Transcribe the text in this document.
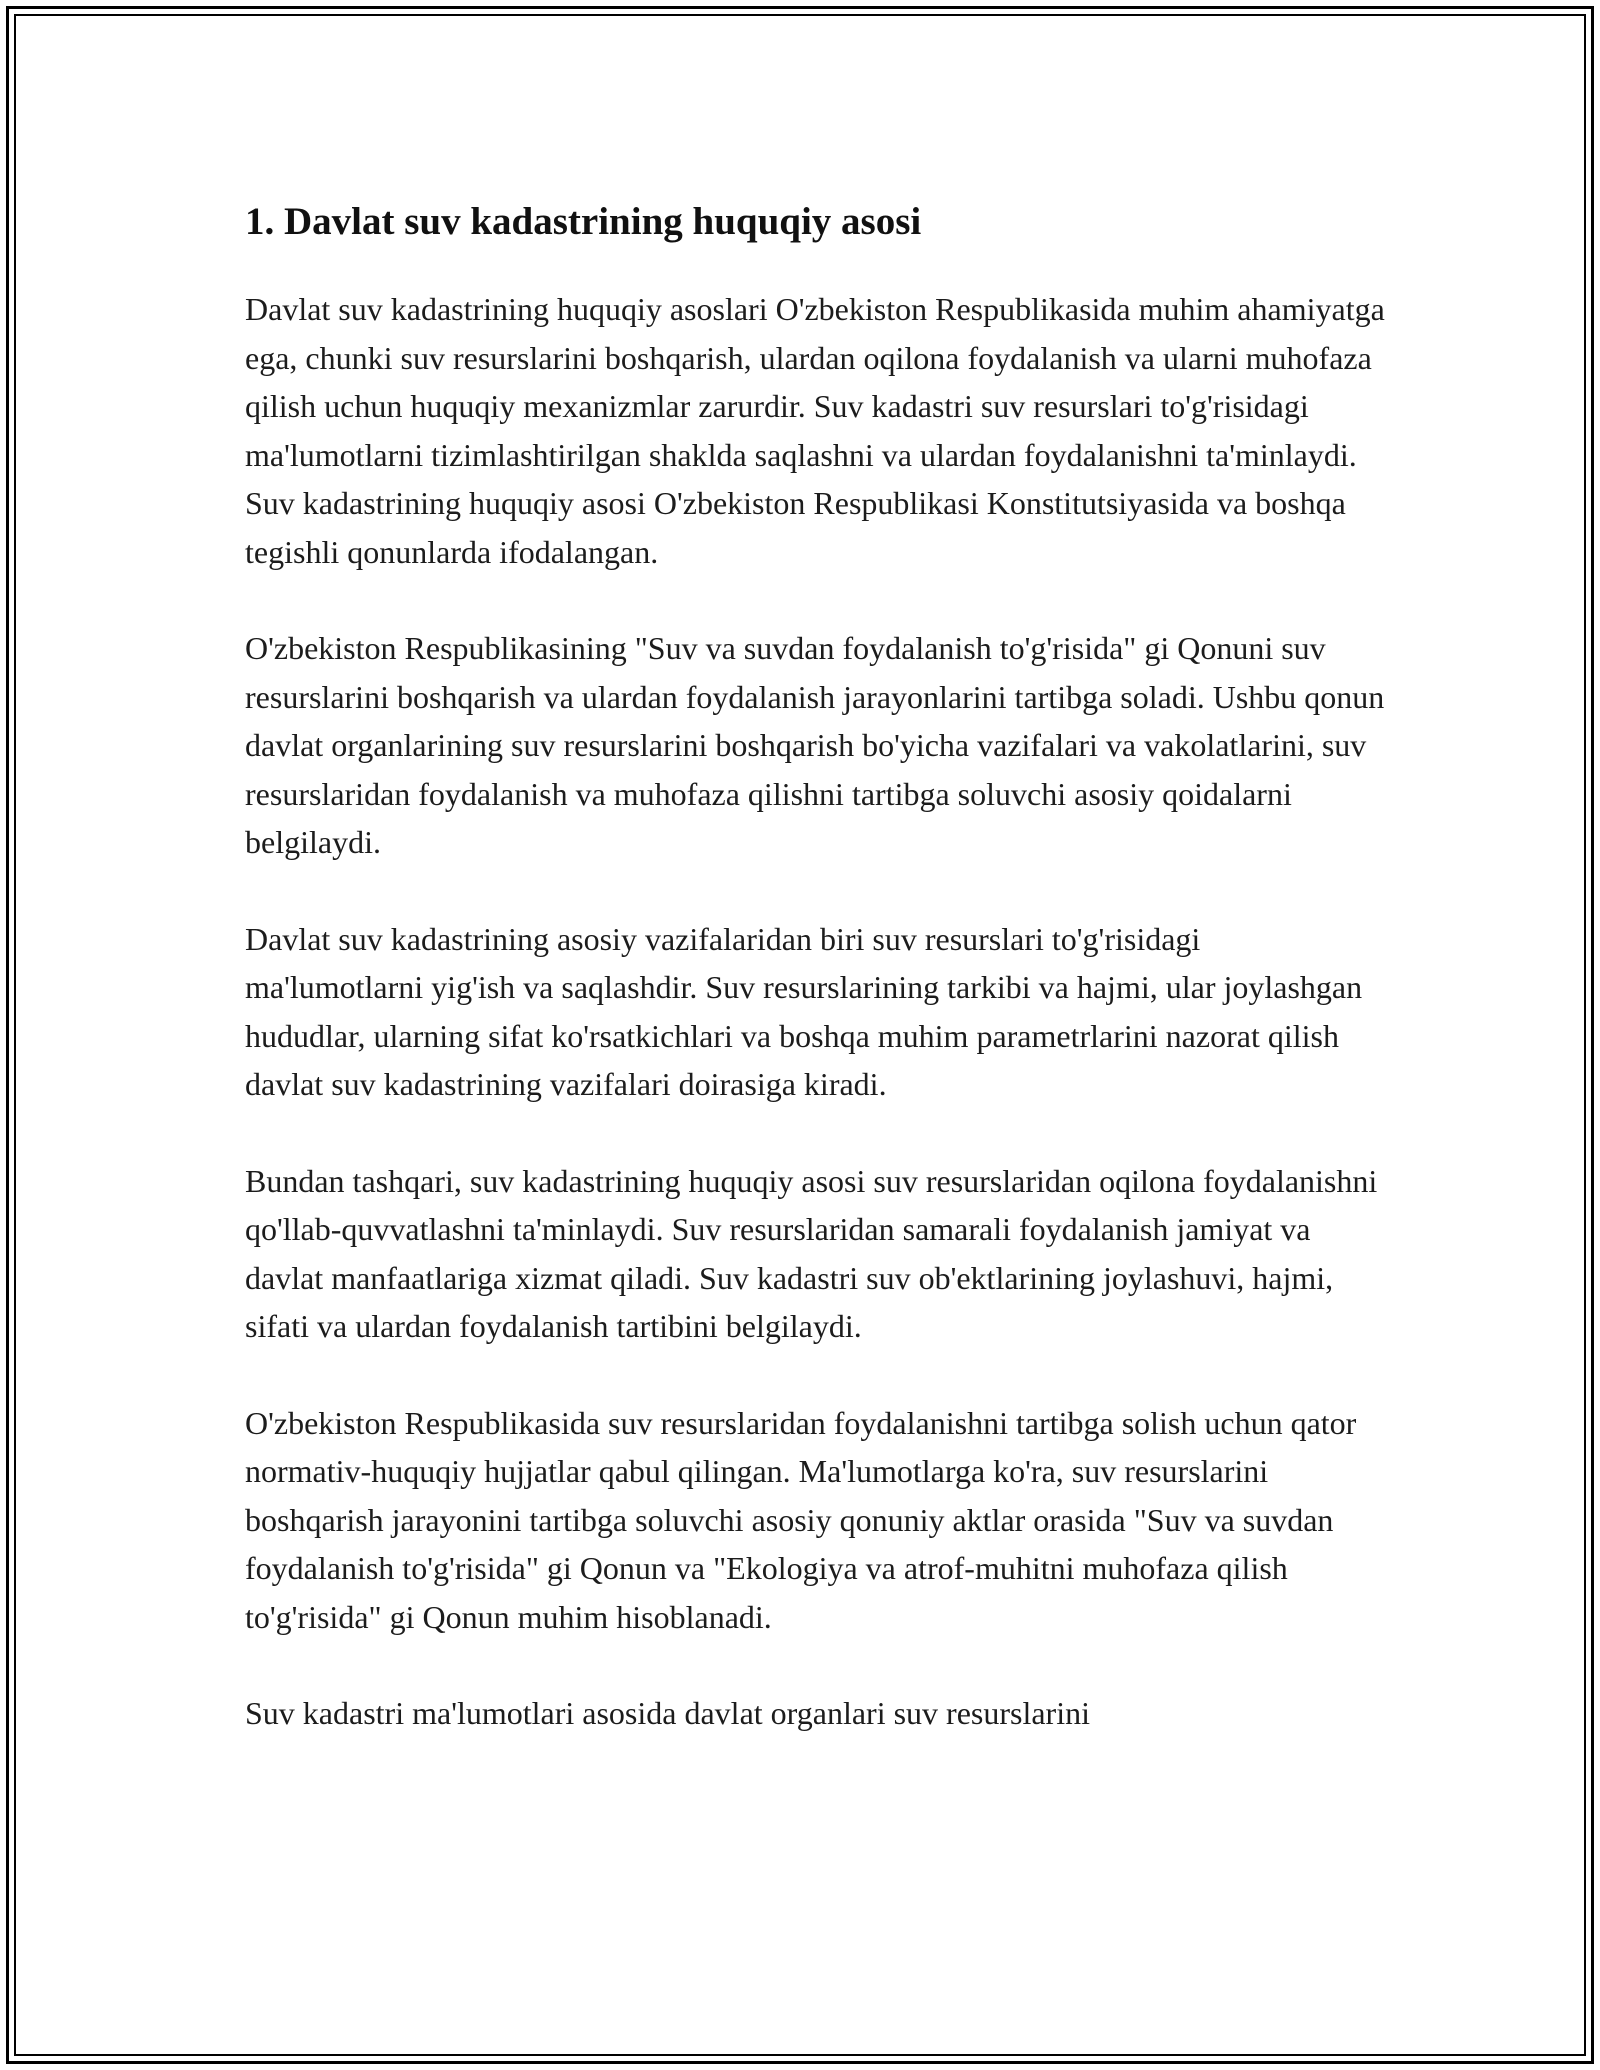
1. Davlat suv kadastrining huquqiy asosi

Davlat suv kadastrining huquqiy asoslari O'zbekiston Respublikasida muhim ahamiyatga ega, chunki suv resurslarini boshqarish, ulardan oqilona foydalanish va ularni muhofaza qilish uchun huquqiy mexanizmlar zarurdir. Suv kadastri suv resurslari to'g'risidagi ma'lumotlarni tizimlashtirilgan shaklda saqlashni va ulardan foydalanishni ta'minlaydi. Suv kadastrining huquqiy asosi O'zbekiston Respublikasi Konstitutsiyasida va boshqa tegishli qonunlarda ifodalangan.

O'zbekiston Respublikasining "Suv va suvdan foydalanish to'g'risida" gi Qonuni suv resurslarini boshqarish va ulardan foydalanish jarayonlarini tartibga soladi. Ushbu qonun davlat organlarining suv resurslarini boshqarish bo'yicha vazifalari va vakolatlarini, suv resurslaridan foydalanish va muhofaza qilishni tartibga soluvchi asosiy qoidalarni belgilaydi.

Davlat suv kadastrining asosiy vazifalaridan biri suv resurslari to'g'risidagi ma'lumotlarni yig'ish va saqlashdir. Suv resurslarining tarkibi va hajmi, ular joylashgan hududlar, ularning sifat ko'rsatkichlari va boshqa muhim parametrlarini nazorat qilish davlat suv kadastrining vazifalari doirasiga kiradi.

Bundan tashqari, suv kadastrining huquqiy asosi suv resurslaridan oqilona foydalanishni qo'llab-quvvatlashni ta'minlaydi. Suv resurslaridan samarali foydalanish jamiyat va davlat manfaatlariga xizmat qiladi. Suv kadastri suv ob'ektlarining joylashuvi, hajmi, sifati va ulardan foydalanish tartibini belgilaydi.

O'zbekiston Respublikasida suv resurslaridan foydalanishni tartibga solish uchun qator normativ-huquqiy hujjatlar qabul qilingan. Ma'lumotlarga ko'ra, suv resurslarini boshqarish jarayonini tartibga soluvchi asosiy qonuniy aktlar orasida "Suv va suvdan foydalanish to'g'risida" gi Qonun va "Ekologiya va atrof-muhitni muhofaza qilish to'g'risida" gi Qonun muhim hisoblanadi.

Suv kadastri ma'lumotlari asosida davlat organlari suv resurslarini
